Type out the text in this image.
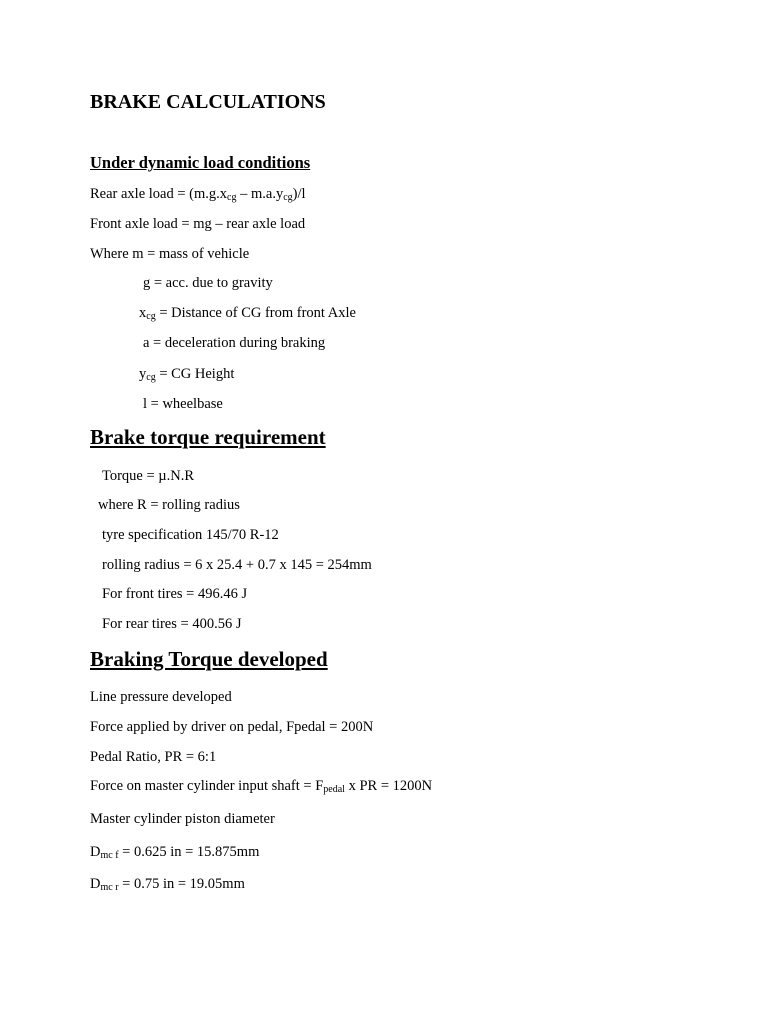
BRAKE CALCULATIONS
Under dynamic load conditions
Rear axle load = $(m.g.x_{cg} - m.a.y_{cg})/l$
Front axle load = mg – rear axle load
Where m = mass of vehicle
g = acc. due to gravity
$x_{cg}$ = Distance of CG from front Axle
a = deceleration during braking
$y_{cg}$ = CG Height
l = wheelbase
Brake torque requirement
Torque = µ.N.R
where R = rolling radius
tyre specification 145/70 R-12
rolling radius = 6 x 25.4 + 0.7 x 145 = 254mm
For front tires = 496.46 J
For rear tires = 400.56 J
Braking Torque developed
Line pressure developed
Force applied by driver on pedal, Fpedal = 200N
Pedal Ratio, PR = 6:1
Force on master cylinder input shaft = $F_{pedal}$ x PR = 1200N
Master cylinder piston diameter
$D_{mc f} = 0.625$ in = 15.875mm
$D_{mc r} = 0.75$ in = 19.05mm
